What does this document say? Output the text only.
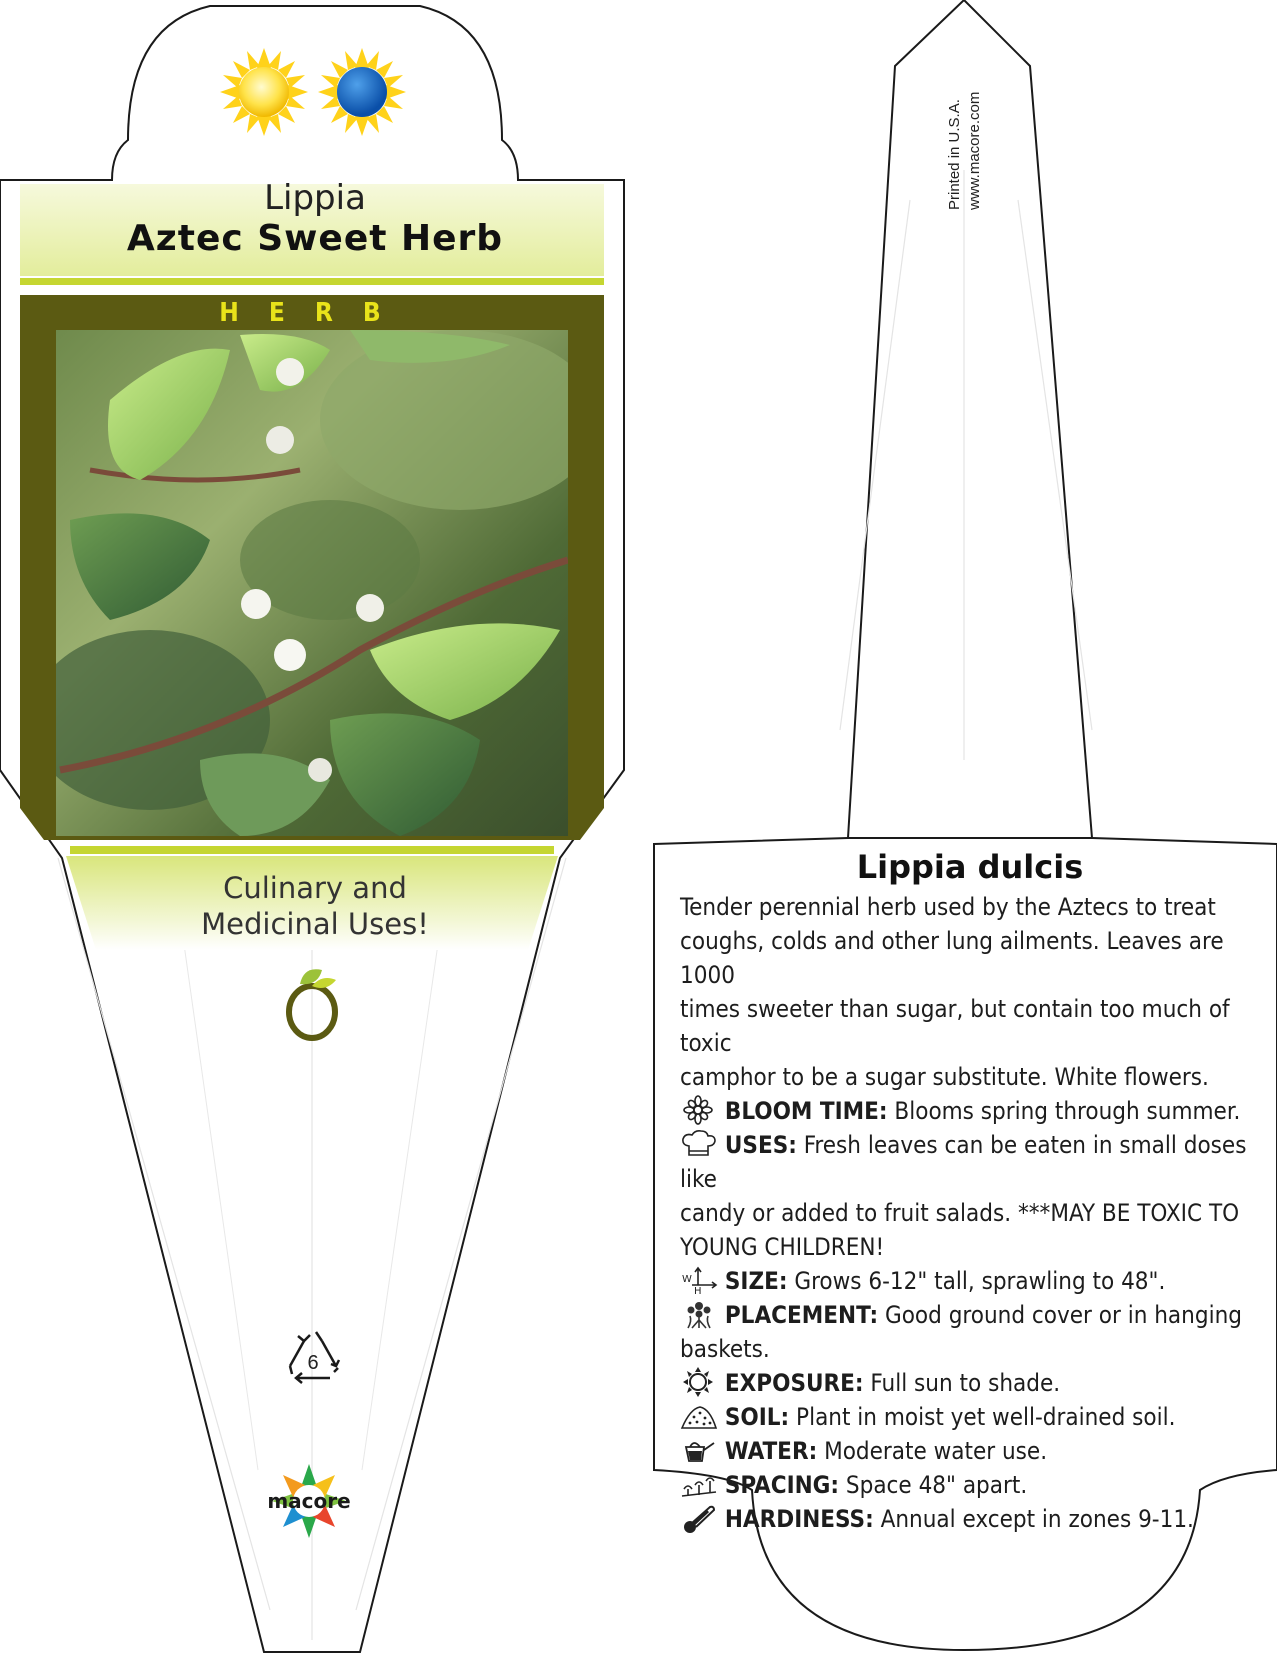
Lippia
Aztec Sweet Herb
HERB
Culinary and
Medicinal Uses!
6
macore
Printed in U.S.A. www.macore.com
Lippia dulcis

Tender perennial herb used by the Aztecs to treat

coughs, colds and other lung ailments. Leaves are 1000

times sweeter than sugar, but contain too much of toxic

camphor to be a sugar substitute. White flowers.

BLOOM TIME: Blooms spring through summer.

USES: Fresh leaves can be eaten in small doses like

candy or added to fruit salads. ***MAY BE TOXIC TO

YOUNG CHILDREN!

W
H SIZE: Grows 6-12" tall, sprawling to 48".

PLACEMENT: Good ground cover or in hanging

baskets.

EXPOSURE: Full sun to shade.

SOIL: Plant in moist yet well-drained soil.

WATER: Moderate water use.

SPACING: Space 48" apart.

HARDINESS: Annual except in zones 9-11.
